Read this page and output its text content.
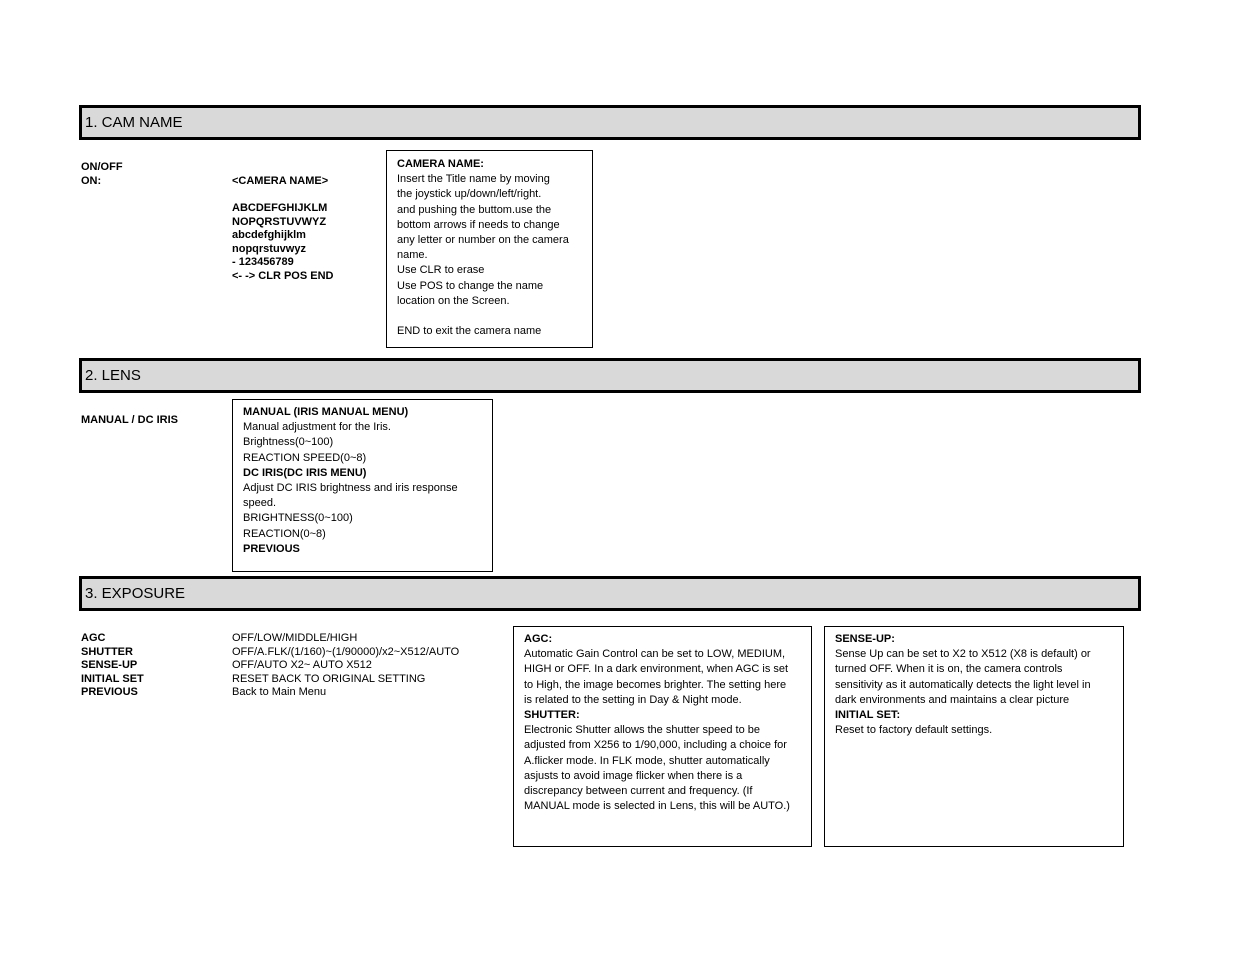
1. CAM NAME
ON/OFF
ON:	<CAMERA NAME>

ABCDEFGHIJKLM
NOPQRSTUVWYZ
abcdefghijklm
nopqrstuvwyz
- 123456789
<- -> CLR POS END
CAMERA NAME:
Insert the Title name by moving
the joystick up/down/left/right.
and pushing the buttom.use the
bottom arrows if needs to change
any letter or number on the camera
name.
Use CLR to erase
Use POS to change the name
location on the Screen.
END to exit the camera name
2. LENS
MANUAL / DC IRIS
MANUAL (IRIS MANUAL MENU)
Manual adjustment for the Iris.
Brightness(0~100)
REACTION SPEED(0~8)
DC IRIS(DC IRIS MENU)
Adjust DC IRIS brightness and iris response
speed.
BRIGHTNESS(0~100)
REACTION(0~8)
PREVIOUS
3. EXPOSURE
AGC
SHUTTER
SENSE-UP
INITIAL SET
PREVIOUS
OFF/LOW/MIDDLE/HIGH
OFF/A.FLK/(1/160)~(1/90000)/x2~X512/AUTO
OFF/AUTO X2~ AUTO X512
RESET BACK TO ORIGINAL SETTING
Back to Main Menu
AGC:
Automatic Gain Control can be set to LOW, MEDIUM,
HIGH or OFF. In a dark environment, when AGC is set
to High, the image becomes brighter. The setting here
is related to the setting in Day & Night mode.
SHUTTER:
Electronic Shutter allows the shutter speed to be
adjusted from X256 to 1/90,000, including a choice for
A.flicker mode. In FLK mode, shutter automatically
asjusts to avoid image flicker when there is a
discrepancy between current and frequency. (If
MANUAL mode is selected in Lens, this will be AUTO.)
SENSE-UP:
Sense Up can be set to X2 to X512 (X8 is default) or
turned OFF. When it is on, the camera controls
sensitivity as it automatically detects the light level in
dark environments and maintains a clear picture
INITIAL SET:
Reset to factory default settings.
